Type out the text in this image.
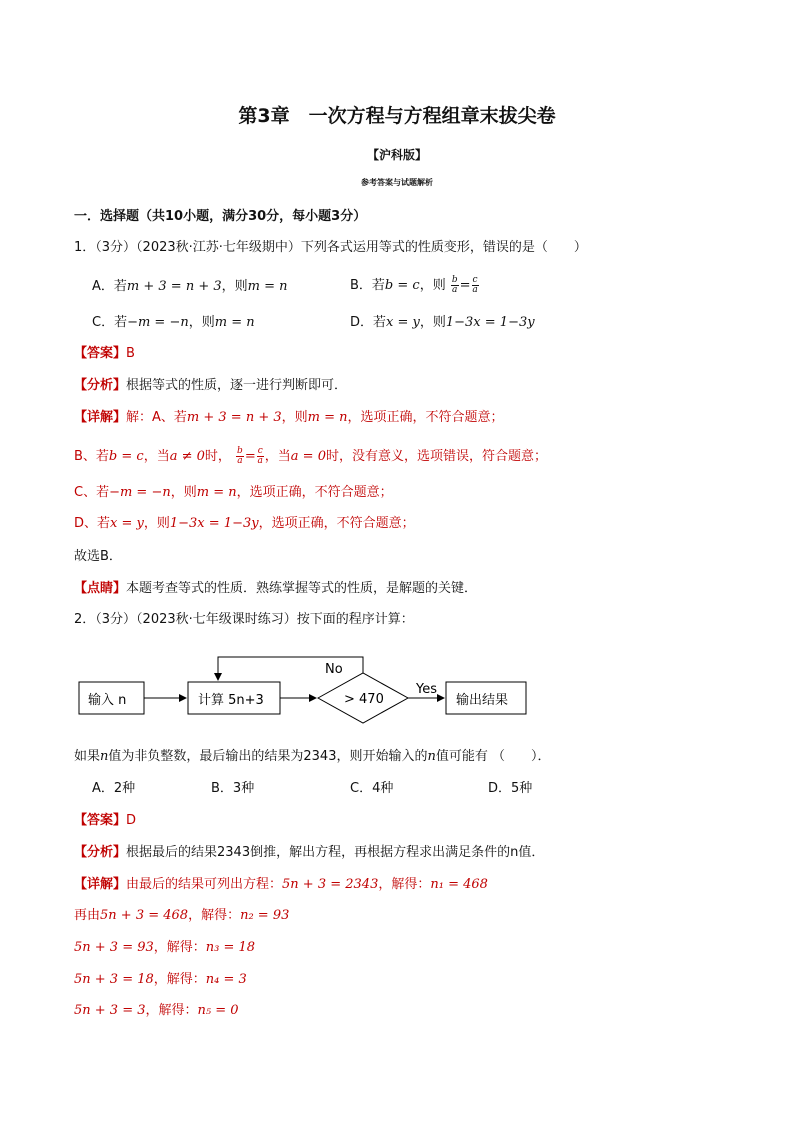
第3章　一次方程与方程组章末拔尖卷
【沪科版】
参考答案与试题解析
一．选择题（共10小题，满分30分，每小题3分）
1．（3分）（2023秋·江苏·七年级期中）下列各式运用等式的性质变形，错误的是（　　）
A．若m + 3 = n + 3，则m = n	B．若b = c，则 $\frac{b}{a} = \frac{c}{a}$
C．若−m = −n，则m = n	D．若x = y，则1−3x = 1−3y
【答案】B
【分析】根据等式的性质，逐一进行判断即可．
【详解】解：A、若m + 3 = n + 3，则m = n，选项正确，不符合题意；
B、若b = c，当a ≠ 0时， $\frac{b}{a} = \frac{c}{a}$ ，当a = 0时，没有意义，选项错误，符合题意；
C、若−m = −n，则m = n，选项正确，不符合题意；
D、若x = y，则1−3x = 1−3y，选项正确，不符合题意；
故选B．
【点睛】本题考查等式的性质．熟练掌握等式的性质，是解题的关键．
2．（3分）（2023秋·七年级课时练习）按下面的程序计算：
输入 n	计算 5n+3	> 470
No
Yes
输出结果
如果n值为非负整数，最后输出的结果为2343，则开始输入的n值可能有 （　　）．
A．2种	B．3种	C．4种	D．5种
【答案】D
【分析】根据最后的结果2343倒推，解出方程，再根据方程求出满足条件的n值．
【详解】由最后的结果可列出方程：5n + 3 = 2343，解得：n₁ = 468
再由5n + 3 = 468，解得：n₂ = 93
5n + 3 = 93，解得：n₃ = 18
5n + 3 = 18，解得：n₄ = 3
5n + 3 = 3，解得：n₅ = 0
